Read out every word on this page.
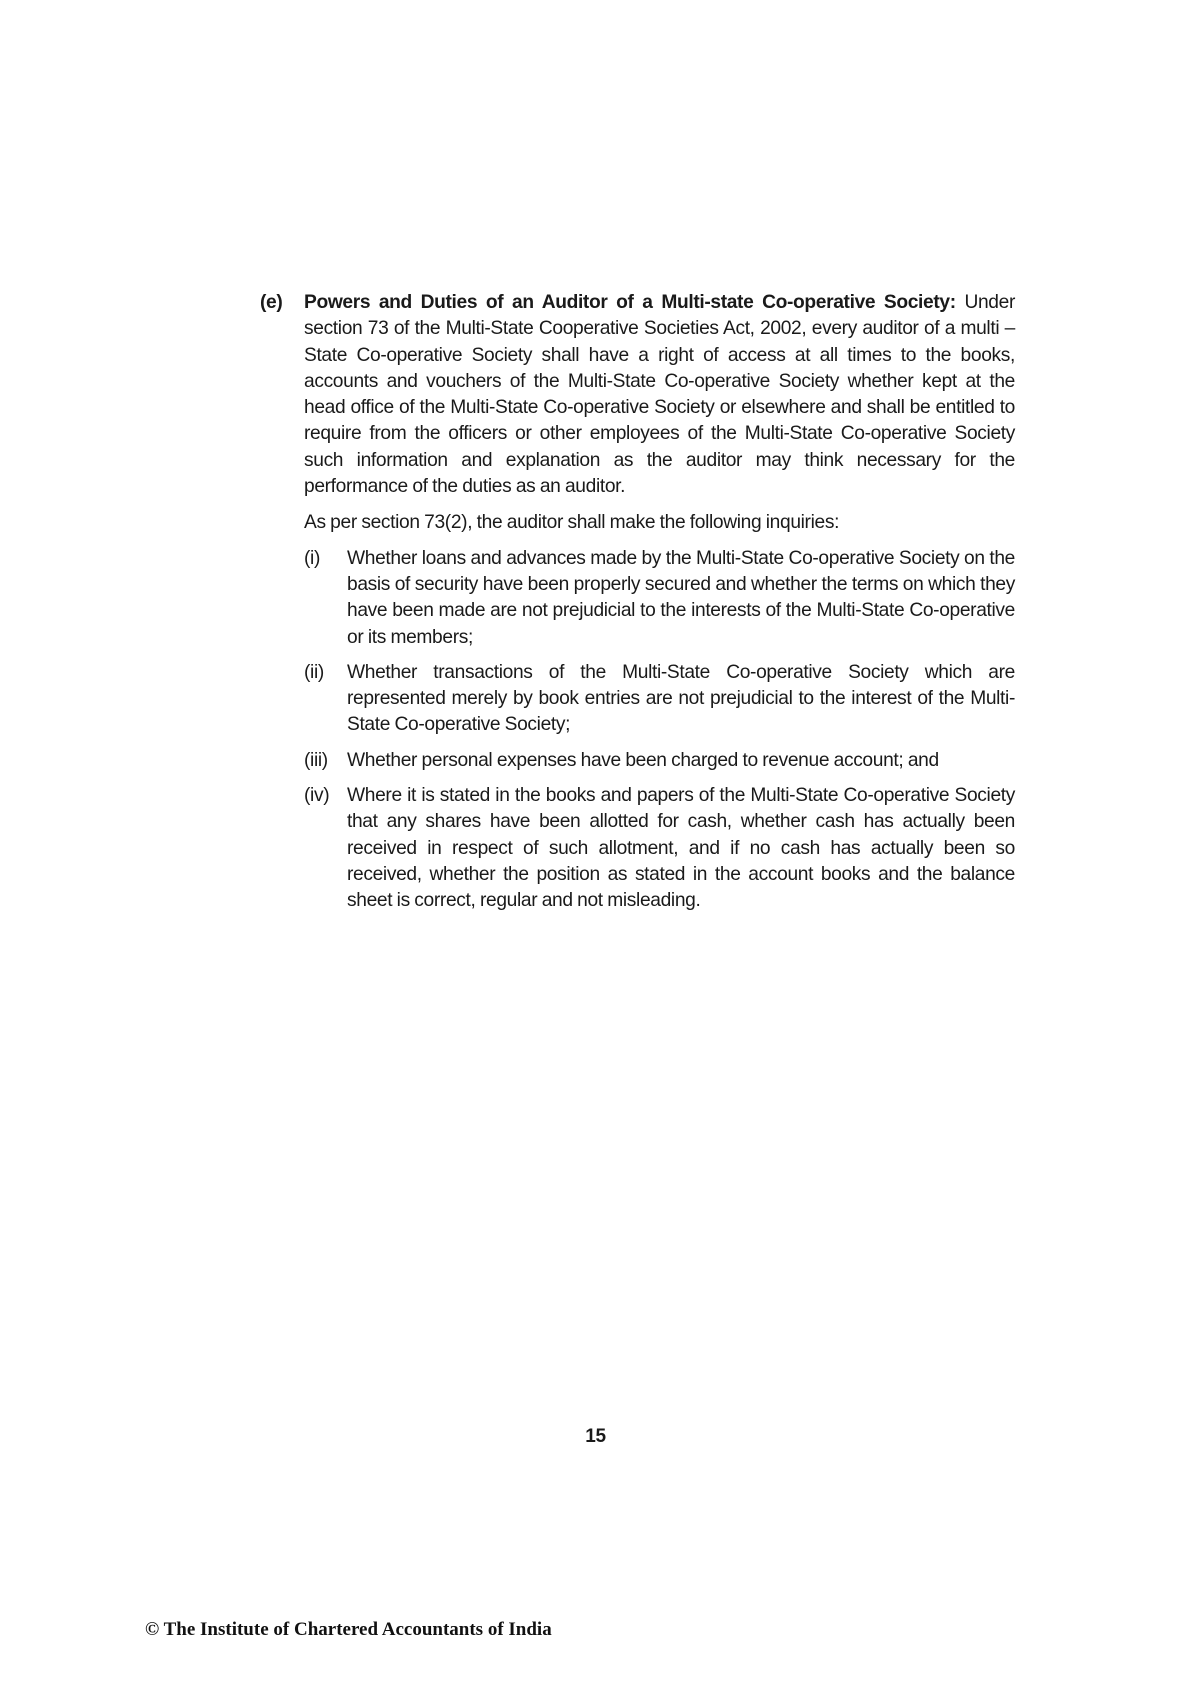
(e)	Powers and Duties of an Auditor of a Multi-state Co-operative Society: Under section 73 of the Multi-State Cooperative Societies Act, 2002, every auditor of a multi – State Co-operative Society shall have a right of access at all times to the books, accounts and vouchers of the Multi-State Co-operative Society whether kept at the head office of the Multi-State Co-operative Society or elsewhere and shall be entitled to require from the officers or other employees of the Multi-State Co-operative Society such information and explanation as the auditor may think necessary for the performance of the duties as an auditor.
As per section 73(2), the auditor shall make the following inquiries:
(i)	Whether loans and advances made by the Multi-State Co-operative Society on the basis of security have been properly secured and whether the terms on which they have been made are not prejudicial to the interests of the Multi-State Co-operative or its members;
(ii)	Whether transactions of the Multi-State Co-operative Society which are represented merely by book entries are not prejudicial to the interest of the Multi-State Co-operative Society;
(iii) Whether personal expenses have been charged to revenue account; and
(iv) Where it is stated in the books and papers of the Multi-State Co-operative Society that any shares have been allotted for cash, whether cash has actually been received in respect of such allotment, and if no cash has actually been so received, whether the position as stated in the account books and the balance sheet is correct, regular and not misleading.
15
© The Institute of Chartered Accountants of India
